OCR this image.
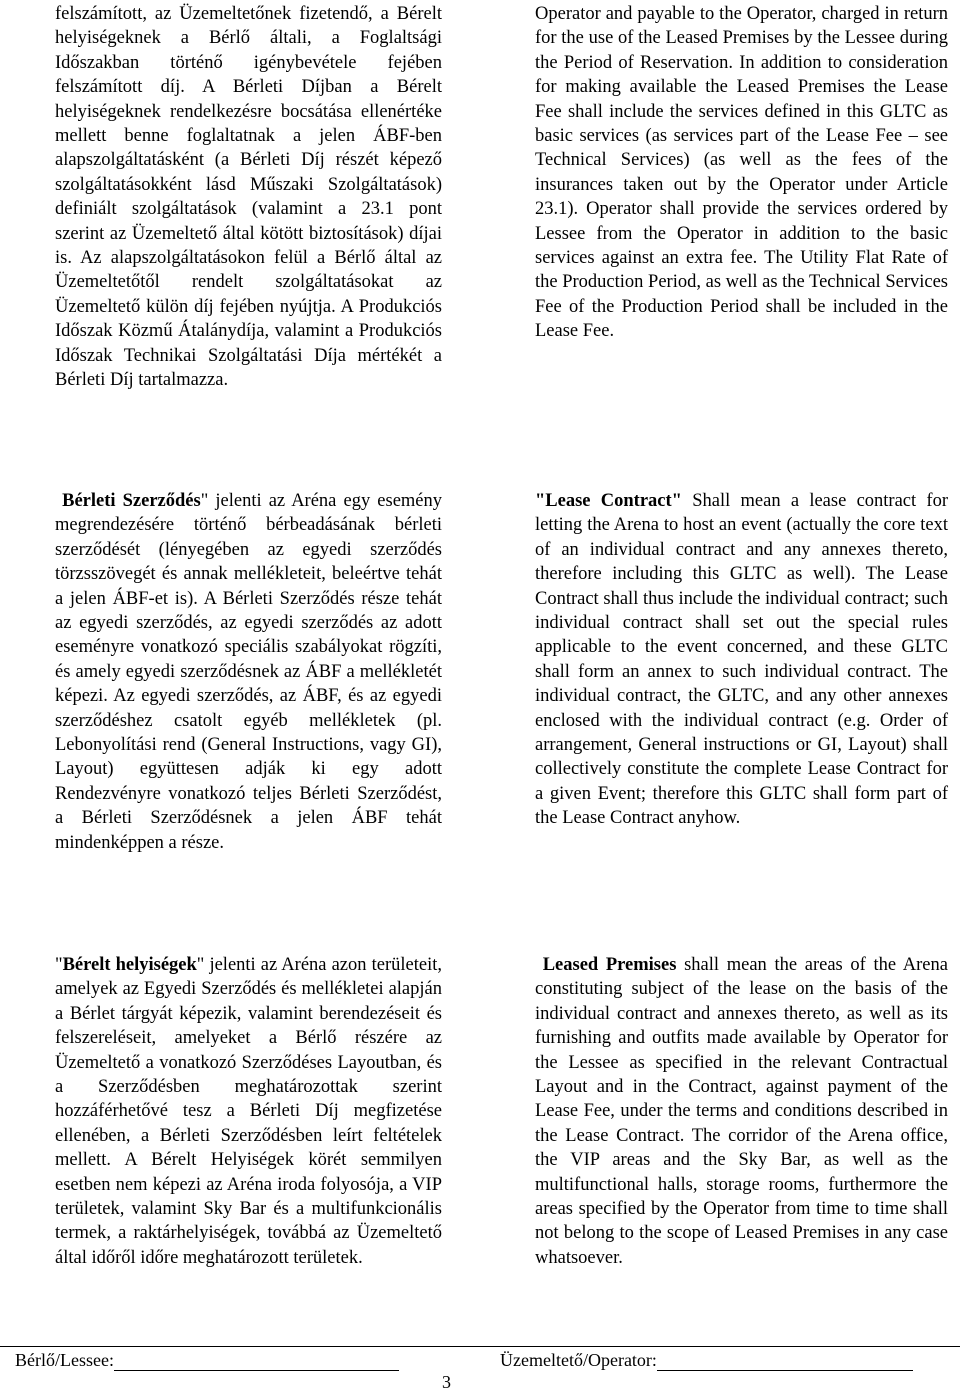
felszámított, az Üzemeltetőnek fizetendő, a Bérelt helyiségeknek a Bérlő általi, a Foglaltsági Időszakban történő igénybevétele fejében felszámított díj. A Bérleti Díjban a Bérelt helyiségeknek rendelkezésre bocsátása ellenértéke mellett benne foglaltatnak a jelen ÁBF-ben alapszolgáltatásként (a Bérleti Díj részét képező szolgáltatásokként lásd Műszaki Szolgáltatások) definiált szolgáltatások (valamint a 23.1 pont szerint az Üzemeltető által kötött biztosítások) díjai is. Az alapszolgáltatásokon felül a Bérlő által az Üzemeltetőtől rendelt szolgáltatásokat az Üzemeltető külön díj fejében nyújtja. A Produkciós Időszak Közmű Átalánydíja, valamint a Produkciós Időszak Technikai Szolgáltatási Díja mértékét a Bérleti Díj tartalmazza.

Bérleti Szerződés" jelenti az Aréna egy esemény megrendezésére történő bérbeadásának bérleti szerződését (lényegében az egyedi szerződés törzsszövegét és annak mellékleteit, beleértve tehát a jelen ÁBF-et is). A Bérleti Szerződés része tehát az egyedi szerződés, az egyedi szerződés az adott eseményre vonatkozó speciális szabályokat rögzíti, és amely egyedi szerződésnek az ÁBF a mellékletét képezi. Az egyedi szerződés, az ÁBF, és az egyedi szerződéshez csatolt egyéb mellékletek (pl. Lebonyolítási rend (General Instructions, vagy GI), Layout) együttesen adják ki egy adott Rendezvényre vonatkozó teljes Bérleti Szerződést, a Bérleti Szerződésnek a jelen ÁBF tehát mindenképpen a része.

"Bérelt helyiségek" jelenti az Aréna azon területeit, amelyek az Egyedi Szerződés és mellékletei alapján a Bérlet tárgyát képezik, valamint berendezéseit és felszereléseit, amelyeket a Bérlő részére az Üzemeltető a vonatkozó Szerződéses Layoutban, és a Szerződésben meghatározottak szerint hozzáférhetővé tesz a Bérleti Díj megfizetése ellenében, a Bérleti Szerződésben leírt feltételek mellett. A Bérelt Helyiségek körét semmilyen esetben nem képezi az Aréna iroda folyosója, a VIP területek, valamint Sky Bar és a multifunkcionális termek, a raktárhelyiségek, továbbá az Üzemeltető által időről időre meghatározott területek.

Operator and payable to the Operator, charged in return for the use of the Leased Premises by the Lessee during the Period of Reservation. In addition to consideration for making available the Leased Premises the Lease Fee shall include the services defined in this GLTC as basic services (as services part of the Lease Fee – see Technical Services) (as well as the fees of the insurances taken out by the Operator under Article 23.1). Operator shall provide the services ordered by Lessee from the Operator in addition to the basic services against an extra fee. The Utility Flat Rate of the Production Period, as well as the Technical Services Fee of the Production Period shall be included in the Lease Fee.

"Lease Contract" Shall mean a lease contract for letting the Arena to host an event (actually the core text of an individual contract and any annexes thereto, therefore including this GLTC as well). The Lease Contract shall thus include the individual contract; such individual contract shall set out the special rules applicable to the event concerned, and these GLTC shall form an annex to such individual contract. The individual contract, the GLTC, and any other annexes enclosed with the individual contract (e.g. Order of arrangement, General instructions or GI, Layout) shall collectively constitute the complete Lease Contract for a given Event; therefore this GLTC shall form part of the Lease Contract anyhow.

Leased Premises shall mean the areas of the Arena constituting subject of the lease on the basis of the individual contract and annexes thereto, as well as its furnishing and outfits made available by Operator for the Lessee as specified in the relevant Contractual Layout and in the Contract, against payment of the Lease Fee, under the terms and conditions described in the Lease Contract. The corridor of the Arena office, the VIP areas and the Sky Bar, as well as the multifunctional halls, storage rooms, furthermore the areas specified by the Operator from time to time shall not belong to the scope of Leased Premises in any case whatsoever.

Bérlő/Lessee:	Üzemeltető/Operator:
3
